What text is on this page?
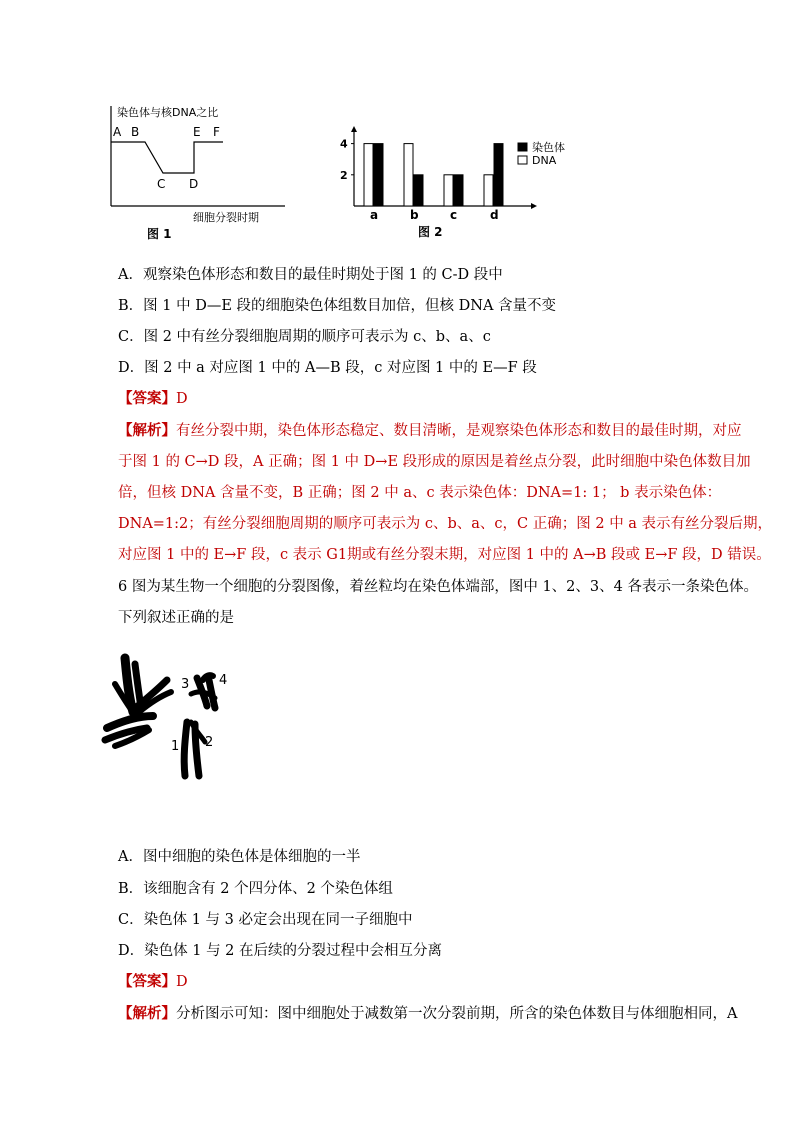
染色体与核DNA之比
A B
C D
E F
细胞分裂时期
图 1
2
4
a	b	c	d
染色体
DNA
图 2
A．观察染色体形态和数目的最佳时期处于图 1 的 C-D 段中
B．图 1 中 D—E 段的细胞染色体组数目加倍，但核 DNA 含量不变
C．图 2 中有丝分裂细胞周期的顺序可表示为 c、b、a、c
D．图 2 中 a 对应图 1 中的 A—B 段，c 对应图 1 中的 E—F 段
【答案】D
【解析】有丝分裂中期，染色体形态稳定、数目清晰，是观察染色体形态和数目的最佳时期，对应
于图 1 的 C→D 段，A 正确；图 1 中 D→E 段形成的原因是着丝点分裂，此时细胞中染色体数目加
倍，但核 DNA 含量不变，B 正确；图 2 中 a、c 表示染色体：DNA=1: 1； b 表示染色体：
DNA=1:2；有丝分裂细胞周期的顺序可表示为 c、b、a、c，C 正确；图 2 中 a 表示有丝分裂后期，
对应图 1 中的 E→F 段，c 表示 G1期或有丝分裂末期，对应图 1 中的 A→B 段或 E→F 段，D 错误。
6 图为某生物一个细胞的分裂图像，着丝粒均在染色体端部，图中 1、2、3、4 各表示一条染色体。
下列叙述正确的是
3 4
1 2
A．图中细胞的染色体是体细胞的一半
B．该细胞含有 2 个四分体、2 个染色体组
C．染色体 1 与 3 必定会出现在同一子细胞中
D．染色体 1 与 2 在后续的分裂过程中会相互分离
【答案】D
【解析】分析图示可知：图中细胞处于减数第一次分裂前期，所含的染色体数目与体细胞相同，A
